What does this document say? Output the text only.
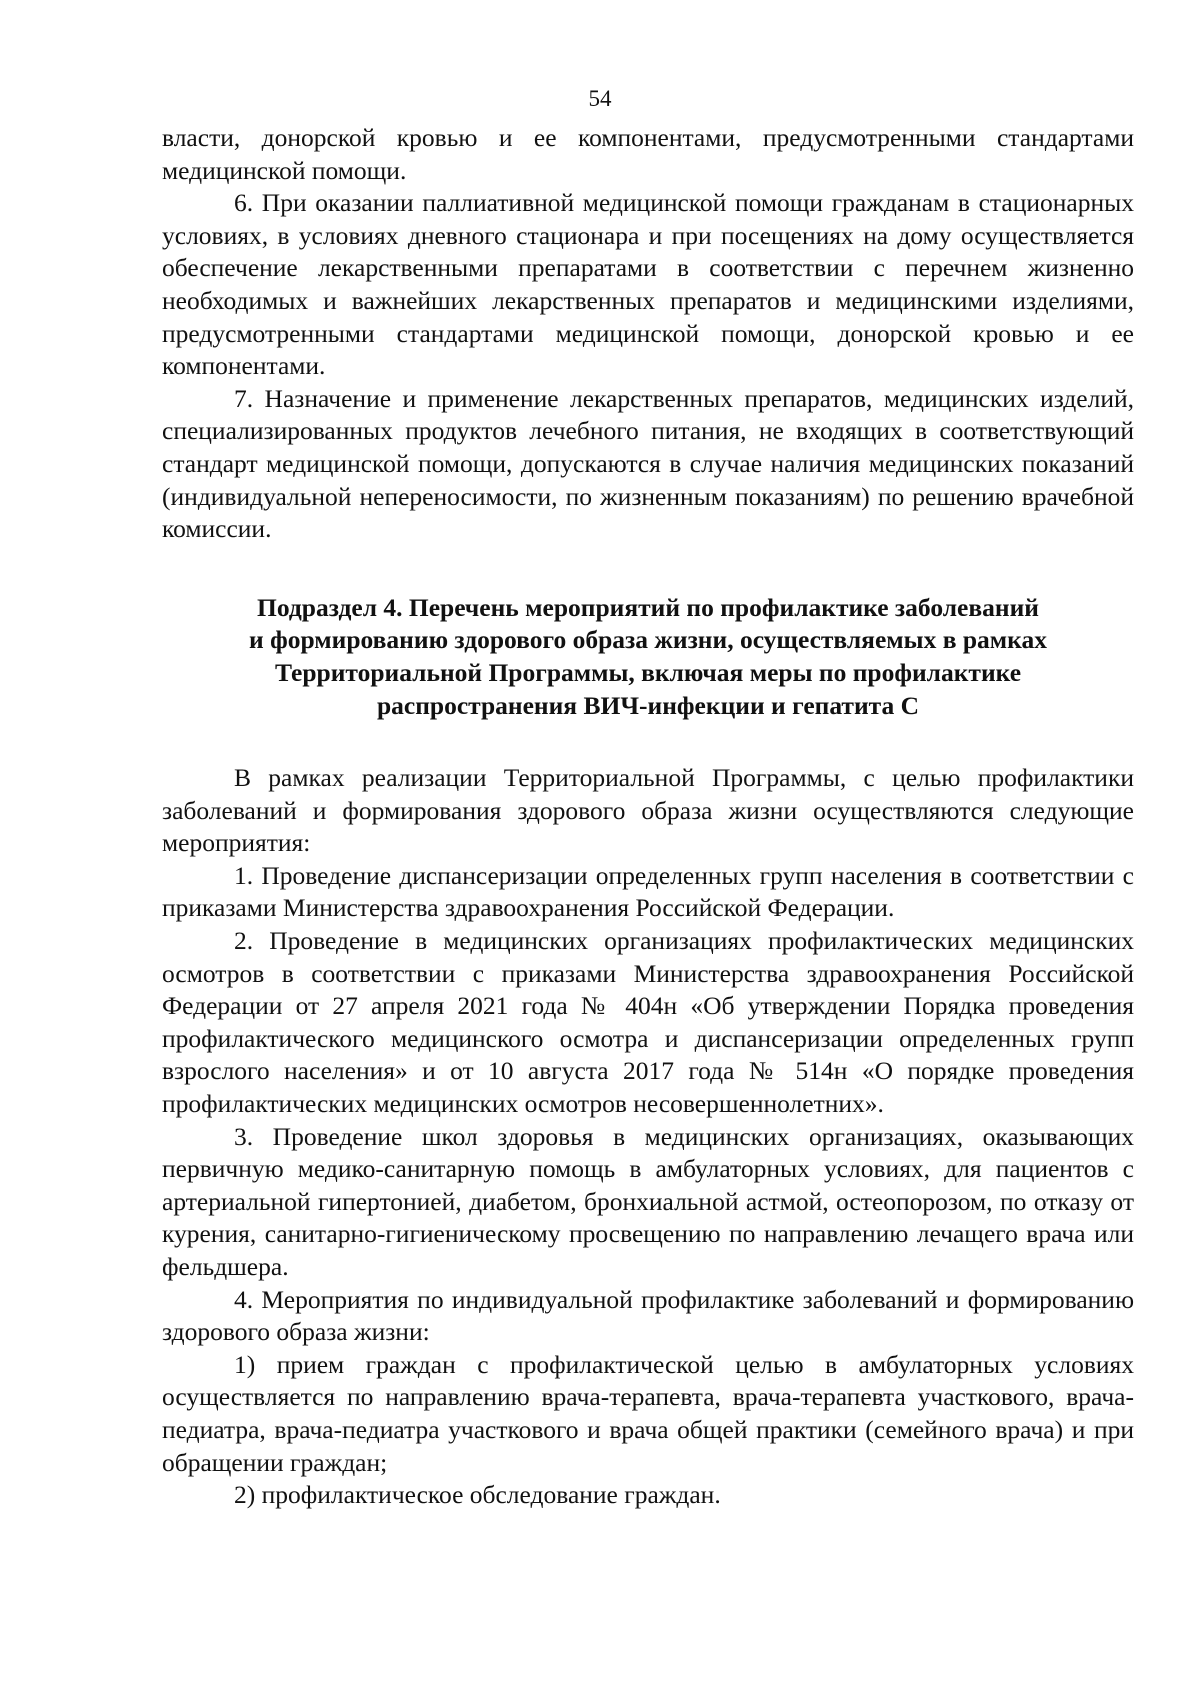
54

власти, донорской кровью и ее компонентами, предусмотренными стандартами медицинской помощи.

6. При оказании паллиативной медицинской помощи гражданам в стационарных условиях, в условиях дневного стационара и при посещениях на дому осуществляется обеспечение лекарственными препаратами в соответствии с перечнем жизненно необходимых и важнейших лекарственных препаратов и медицинскими изделиями, предусмотренными стандартами медицинской помощи, донорской кровью и ее компонентами.

7. Назначение и применение лекарственных препаратов, медицинских изделий, специализированных продуктов лечебного питания, не входящих в соответствующий стандарт медицинской помощи, допускаются в случае наличия медицинских показаний (индивидуальной непереносимости, по жизненным показаниям) по решению врачебной комиссии.

Подраздел 4. Перечень мероприятий по профилактике заболеваний
и формированию здорового образа жизни, осуществляемых в рамках
Территориальной Программы, включая меры по профилактике
распространения ВИЧ-инфекции и гепатита С

В рамках реализации Территориальной Программы, с целью профилактики заболеваний и формирования здорового образа жизни осуществляются следующие мероприятия:

1. Проведение диспансеризации определенных групп населения в соответствии с приказами Министерства здравоохранения Российской Федерации.

2. Проведение в медицинских организациях профилактических медицинских осмотров в соответствии с приказами Министерства здравоохранения Российской Федерации от 27 апреля 2021 года № 404н «Об утверждении Порядка проведения профилактического медицинского осмотра и диспансеризации определенных групп взрослого населения» и от 10 августа 2017 года № 514н «О порядке проведения профилактических медицинских осмотров несовершеннолетних».

3. Проведение школ здоровья в медицинских организациях, оказывающих первичную медико-санитарную помощь в амбулаторных условиях, для пациентов с артериальной гипертонией, диабетом, бронхиальной астмой, остеопорозом, по отказу от курения, санитарно-гигиеническому просвещению по направлению лечащего врача или фельдшера.

4. Мероприятия по индивидуальной профилактике заболеваний и формированию здорового образа жизни:

1) прием граждан с профилактической целью в амбулаторных условиях осуществляется по направлению врача-терапевта, врача-терапевта участкового, врача-педиатра, врача-педиатра участкового и врача общей практики (семейного врача) и при обращении граждан;

2) профилактическое обследование граждан.
